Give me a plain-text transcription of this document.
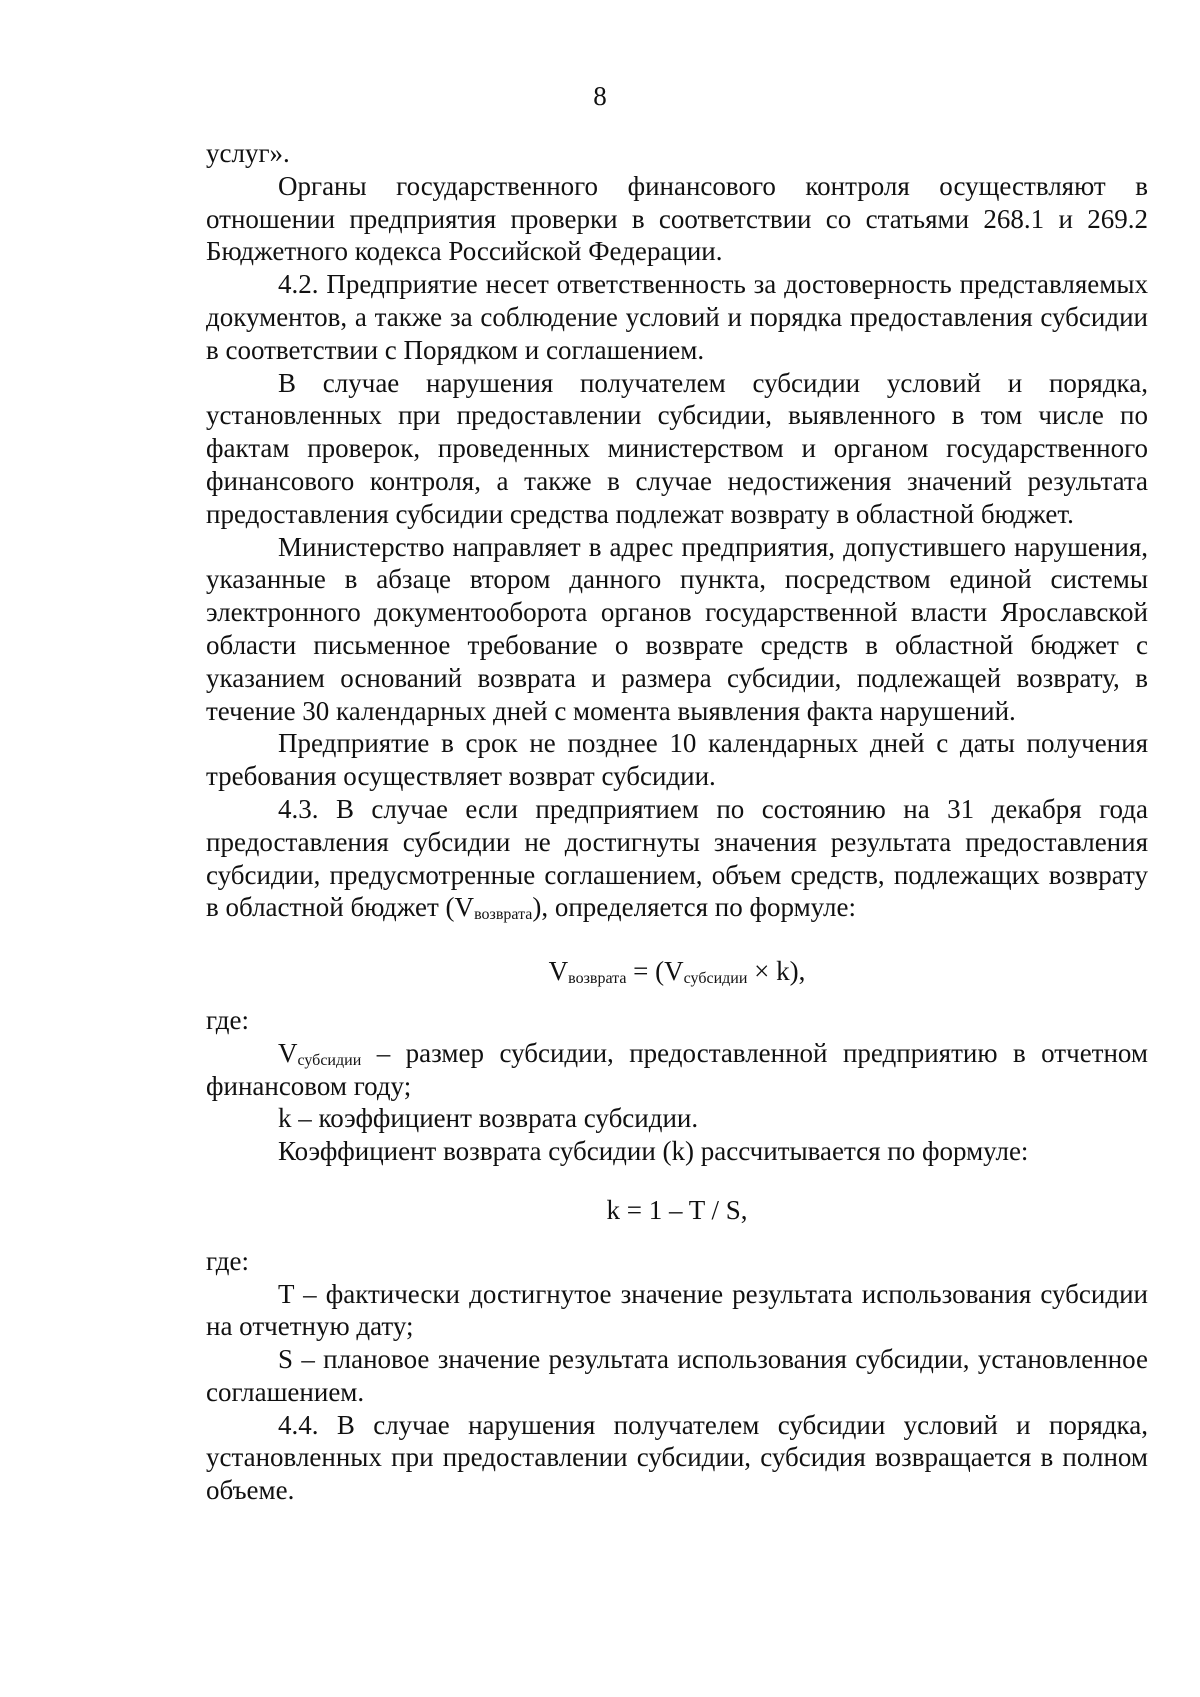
8

услуг».

Органы государственного финансового контроля осуществляют в отношении предприятия проверки в соответствии со статьями 268.1 и 269.2 Бюджетного кодекса Российской Федерации.

4.2. Предприятие несет ответственность за достоверность представляемых документов, а также за соблюдение условий и порядка предоставления субсидии в соответствии с Порядком и соглашением.

В случае нарушения получателем субсидии условий и порядка, установленных при предоставлении субсидии, выявленного в том числе по фактам проверок, проведенных министерством и органом государственного финансового контроля, а также в случае недостижения значений результата предоставления субсидии средства подлежат возврату в областной бюджет.

Министерство направляет в адрес предприятия, допустившего нарушения, указанные в абзаце втором данного пункта, посредством единой системы электронного документооборота органов государственной власти Ярославской области письменное требование о возврате средств в областной бюджет с указанием оснований возврата и размера субсидии, подлежащей возврату, в течение 30 календарных дней с момента выявления факта нарушений.

Предприятие в срок не позднее 10 календарных дней с даты получения требования осуществляет возврат субсидии.

4.3. В случае если предприятием по состоянию на 31 декабря года предоставления субсидии не достигнуты значения результата предоставления субсидии, предусмотренные соглашением, объем средств, подлежащих возврату в областной бюджет $(V_{возврата})$, определяется по формуле:

$V_{возврата} = (V_{субсидии} \times k)$,

где:

$V_{субсидии}$ – размер субсидии, предоставленной предприятию в отчетном финансовом году;

k – коэффициент возврата субсидии.

Коэффициент возврата субсидии (k) рассчитывается по формуле:

k = 1 – T / S,

где:

T – фактически достигнутое значение результата использования субсидии на отчетную дату;

S – плановое значение результата использования субсидии, установленное соглашением.

4.4. В случае нарушения получателем субсидии условий и порядка, установленных при предоставлении субсидии, субсидия возвращается в полном объеме.
